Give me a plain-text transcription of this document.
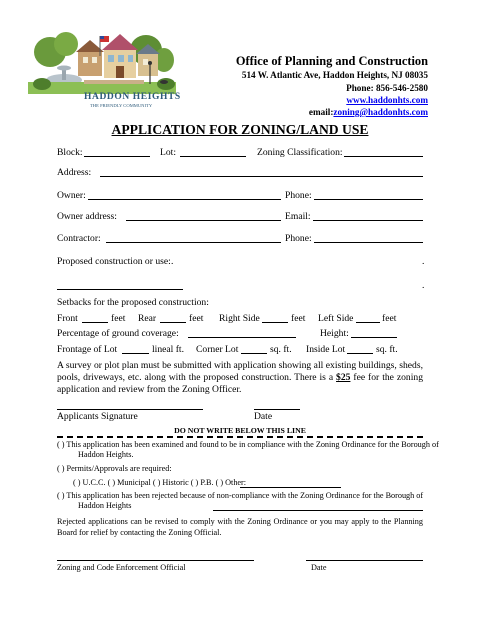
HADDON HEIGHTS
THE FRIENDLY COMMUNITY
Office of Planning and Construction
514 W. Atlantic Ave, Haddon Heights, NJ 08035
Phone: 856-546-2580
www.haddonhts.com
email:zoning@haddonhts.com
APPLICATION FOR ZONING/LAND USE
Block:	Lot:	Zoning Classification:
Address:
Owner:	Phone:
Owner address:	Email:
Contractor:	Phone:
Proposed construction or use: .	.
.
Setbacks for the proposed construction:
Front	feet Rear	feet Right Side	feet Left Side	feet
Percentage of ground coverage:	Height:
Frontage of Lot	lineal ft. Corner Lot	sq. ft. Inside Lot	sq. ft.
A survey or plot plan must be submitted with application showing all existing buildings, sheds, pools, driveways, etc. along with the proposed construction. There is a $25 fee for the zoning application and review from the Zoning Officer.
Applicants Signature	Date
DO NOT WRITE BELOW THIS LINE
( ) This application has been examined and found to be in compliance with the Zoning Ordinance for the Borough of Haddon Heights.
( ) Permits/Approvals are required:
( ) U.C.C. ( ) Municipal ( ) Historic ( ) P.B. ( ) Other:
( ) This application has been rejected because of non-compliance with the Zoning Ordinance for the Borough of Haddon Heights
Rejected applications can be revised to comply with the Zoning Ordinance or you may apply to the Planning Board for relief by contacting the Zoning Official.
Zoning and Code Enforcement Official	Date
